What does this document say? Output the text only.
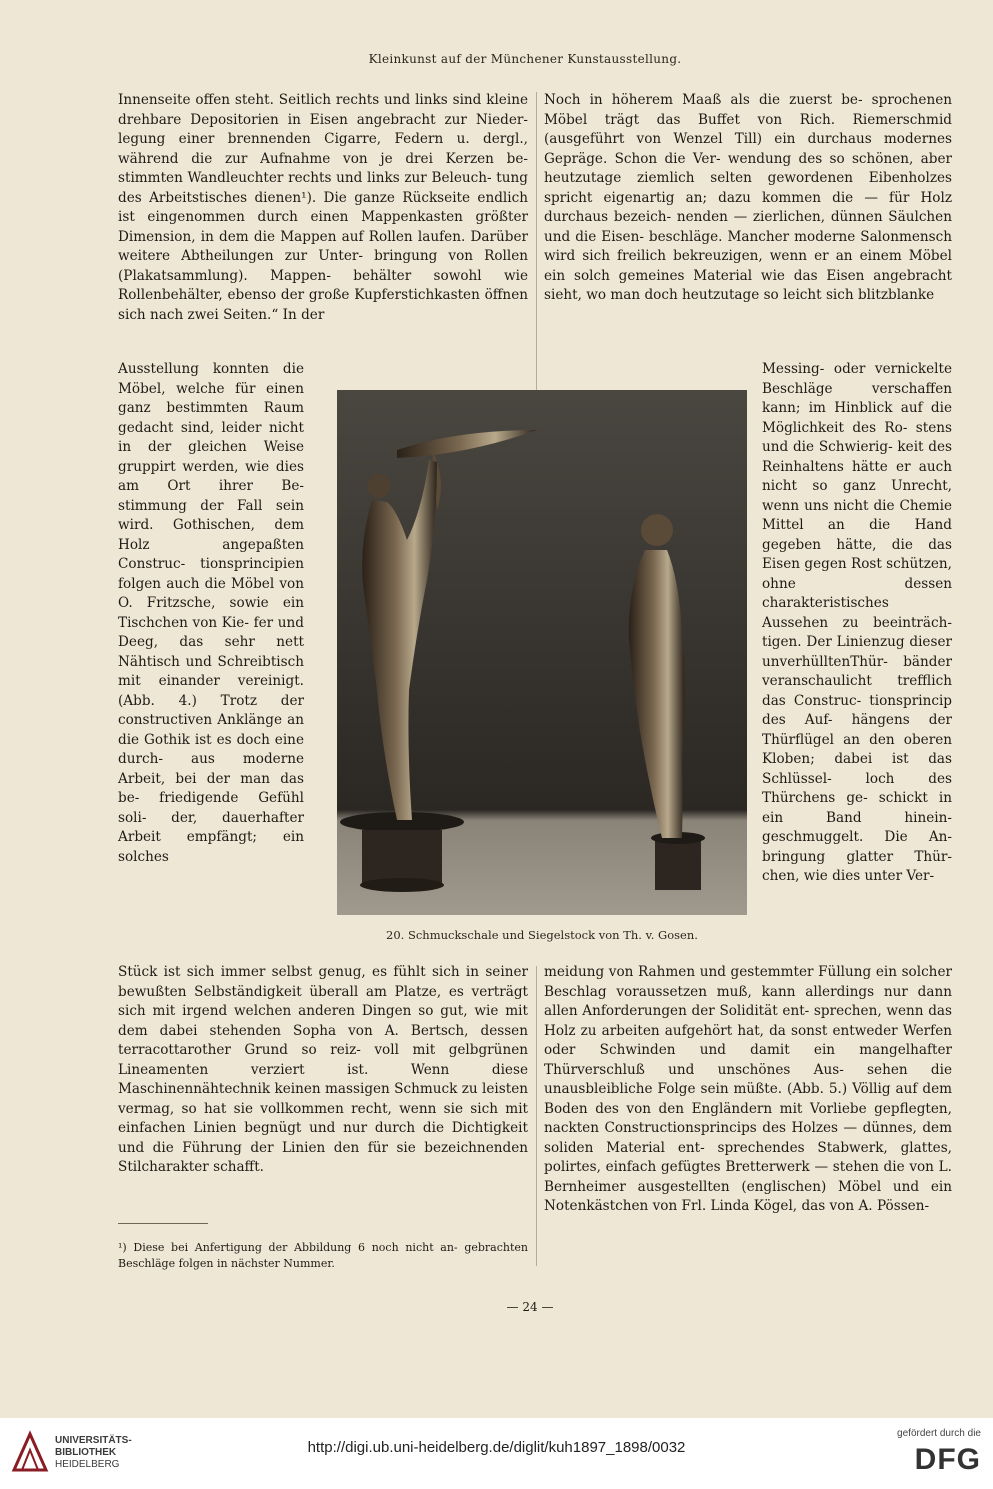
Kleinkunst auf der Münchener Kunstausstellung.

Innenseite offen steht. Seitlich rechts und links sind kleine drehbare Depositorien in Eisen angebracht zur Nieder- legung einer brennenden Cigarre, Federn u. dergl., während die zur Aufnahme von je drei Kerzen be- stimmten Wandleuchter rechts und links zur Beleuch- tung des Arbeitstisches dienen¹). Die ganze Rückseite endlich ist eingenommen durch einen Mappenkasten größter Dimension, in dem die Mappen auf Rollen laufen. Darüber weitere Abtheilungen zur Unter- bringung von Rollen (Plakatsammlung). Mappen- behälter sowohl wie Rollenbehälter, ebenso der große Kupferstichkasten öffnen sich nach zwei Seiten.“ In der

Noch in höherem Maaß als die zuerst be- sprochenen Möbel trägt das Buffet von Rich. Riemerschmid (ausgeführt von Wenzel Till) ein durchaus modernes Gepräge. Schon die Ver- wendung des so schönen, aber heutzutage ziemlich selten gewordenen Eibenholzes spricht eigenartig an; dazu kommen die — für Holz durchaus bezeich- nenden — zierlichen, dünnen Säulchen und die Eisen- beschläge. Mancher moderne Salonmensch wird sich freilich bekreuzigen, wenn er an einem Möbel ein solch gemeines Material wie das Eisen angebracht sieht, wo man doch heutzutage so leicht sich blitzblanke

Ausstellung konnten die Möbel, welche für einen ganz bestimmten Raum gedacht sind, leider nicht in der gleichen Weise gruppirt werden, wie dies am Ort ihrer Be- stimmung der Fall sein wird. Gothischen, dem Holz angepaßten Construc- tionsprincipien folgen auch die Möbel von O. Fritzsche, sowie ein Tischchen von Kie- fer und Deeg, das sehr nett Nähtisch und Schreibtisch mit einander vereinigt. (Abb. 4.) Trotz der constructiven Anklänge an die Gothik ist es doch eine durch- aus moderne Arbeit, bei der man das be- friedigende Gefühl soli- der, dauerhafter Arbeit empfängt; ein solches

Messing- oder vernickelte Beschläge verschaffen kann; im Hinblick auf die Möglichkeit des Ro- stens und die Schwierig- keit des Reinhaltens hätte er auch nicht so ganz Unrecht, wenn uns nicht die Chemie Mittel an die Hand gegeben hätte, die das Eisen gegen Rost schützen, ohne dessen charakteristisches Aussehen zu beeinträch- tigen. Der Linienzug dieser unverhülltenThür- bänder veranschaulicht trefflich das Construc- tionsprincip des Auf- hängens der Thürflügel an den oberen Kloben; dabei ist das Schlüssel- loch des Thürchens ge- schickt in ein Band hinein- geschmuggelt. Die An- bringung glatter Thür- chen, wie dies unter Ver-

20. Schmuckschale und Siegelstock von Th. v. Gosen.

Stück ist sich immer selbst genug, es fühlt sich in seiner bewußten Selbständigkeit überall am Platze, es verträgt sich mit irgend welchen anderen Dingen so gut, wie mit dem dabei stehenden Sopha von A. Bertsch, dessen terracottarother Grund so reiz- voll mit gelbgrünen Lineamenten verziert ist. Wenn diese Maschinennähtechnik keinen massigen Schmuck zu leisten vermag, so hat sie vollkommen recht, wenn sie sich mit einfachen Linien begnügt und nur durch die Dichtigkeit und die Führung der Linien den für sie bezeichnenden Stilcharakter schafft.

meidung von Rahmen und gestemmter Füllung ein solcher Beschlag voraussetzen muß, kann allerdings nur dann allen Anforderungen der Solidität ent- sprechen, wenn das Holz zu arbeiten aufgehört hat, da sonst entweder Werfen oder Schwinden und damit ein mangelhafter Thürverschluß und unschönes Aus- sehen die unausbleibliche Folge sein müßte. (Abb. 5.) Völlig auf dem Boden des von den Engländern mit Vorliebe gepflegten, nackten Constructionsprincips des Holzes — dünnes, dem soliden Material ent- sprechendes Stabwerk, glattes, polirtes, einfach gefügtes Bretterwerk — stehen die von L. Bernheimer ausgestellten (englischen) Möbel und ein Notenkästchen von Frl. Linda Kögel, das von A. Pössen-

¹) Diese bei Anfertigung der Abbildung 6 noch nicht an- gebrachten Beschläge folgen in nächster Nummer.

— 24 —
UNIVERSITÄTS-
BIBLIOTHEK
HEIDELBERG
http://digi.ub.uni-heidelberg.de/diglit/kuh1897_1898/0032
gefördert durch die
DFG
